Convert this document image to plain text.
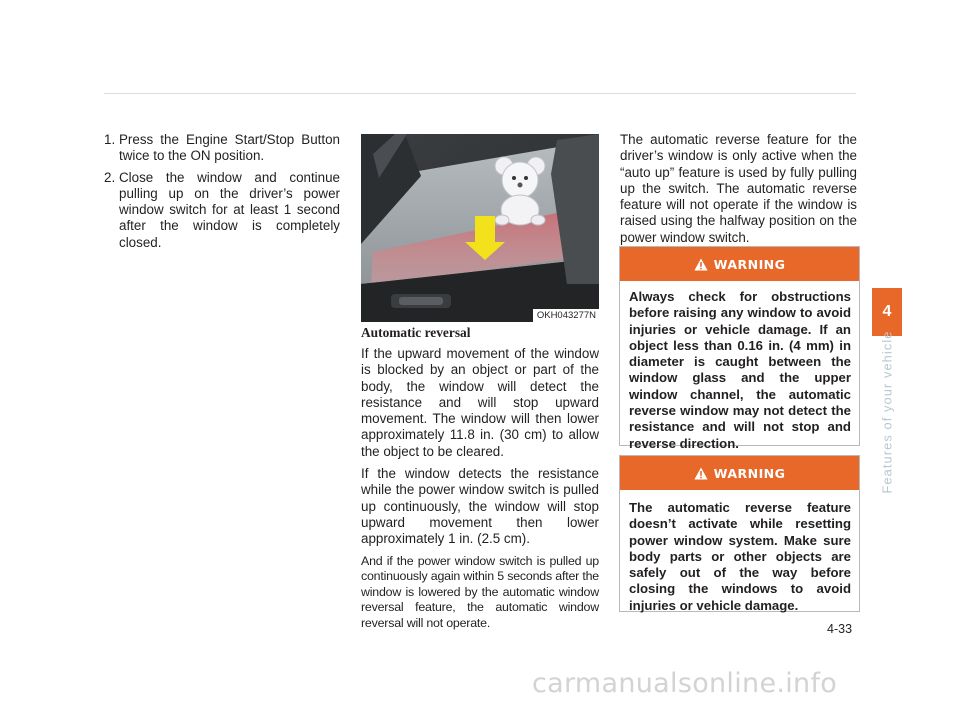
1. Press the Engine Start/Stop Button twice to the ON position.
2. Close the window and continue pulling up on the driver’s power window switch for at least 1 second after the window is completely closed.
OKH043277N
Automatic reversal

If the upward movement of the window is blocked by an object or part of the body, the window will detect the resistance and will stop upward movement. The window will then lower approximately 11.8 in. (30 cm) to allow the object to be cleared.

If the window detects the resistance while the power window switch is pulled up continuously, the window will stop upward movement then lower approximately 1 in. (2.5 cm).

And if the power window switch is pulled up continuously again within 5 seconds after the window is lowered by the automatic window reversal feature, the automatic window reversal will not operate.

The automatic reverse feature for the driver’s window is only active when the “auto up” feature is used by fully pulling up the switch. The automatic reverse feature will not operate if the window is raised using the halfway position on the power window switch.
WARNING
Always check for obstructions before raising any window to avoid injuries or vehicle damage. If an object less than 0.16 in. (4 mm) in diameter is caught between the window glass and the upper window channel, the automatic reverse window may not detect the resistance and will not stop and reverse direction.
WARNING
The automatic reverse feature doesn’t activate while resetting power window system. Make sure body parts or other objects are safely out of the way before closing the windows to avoid injuries or vehicle damage.
4
Features of your vehicle
4-33
carmanualsonline.info
